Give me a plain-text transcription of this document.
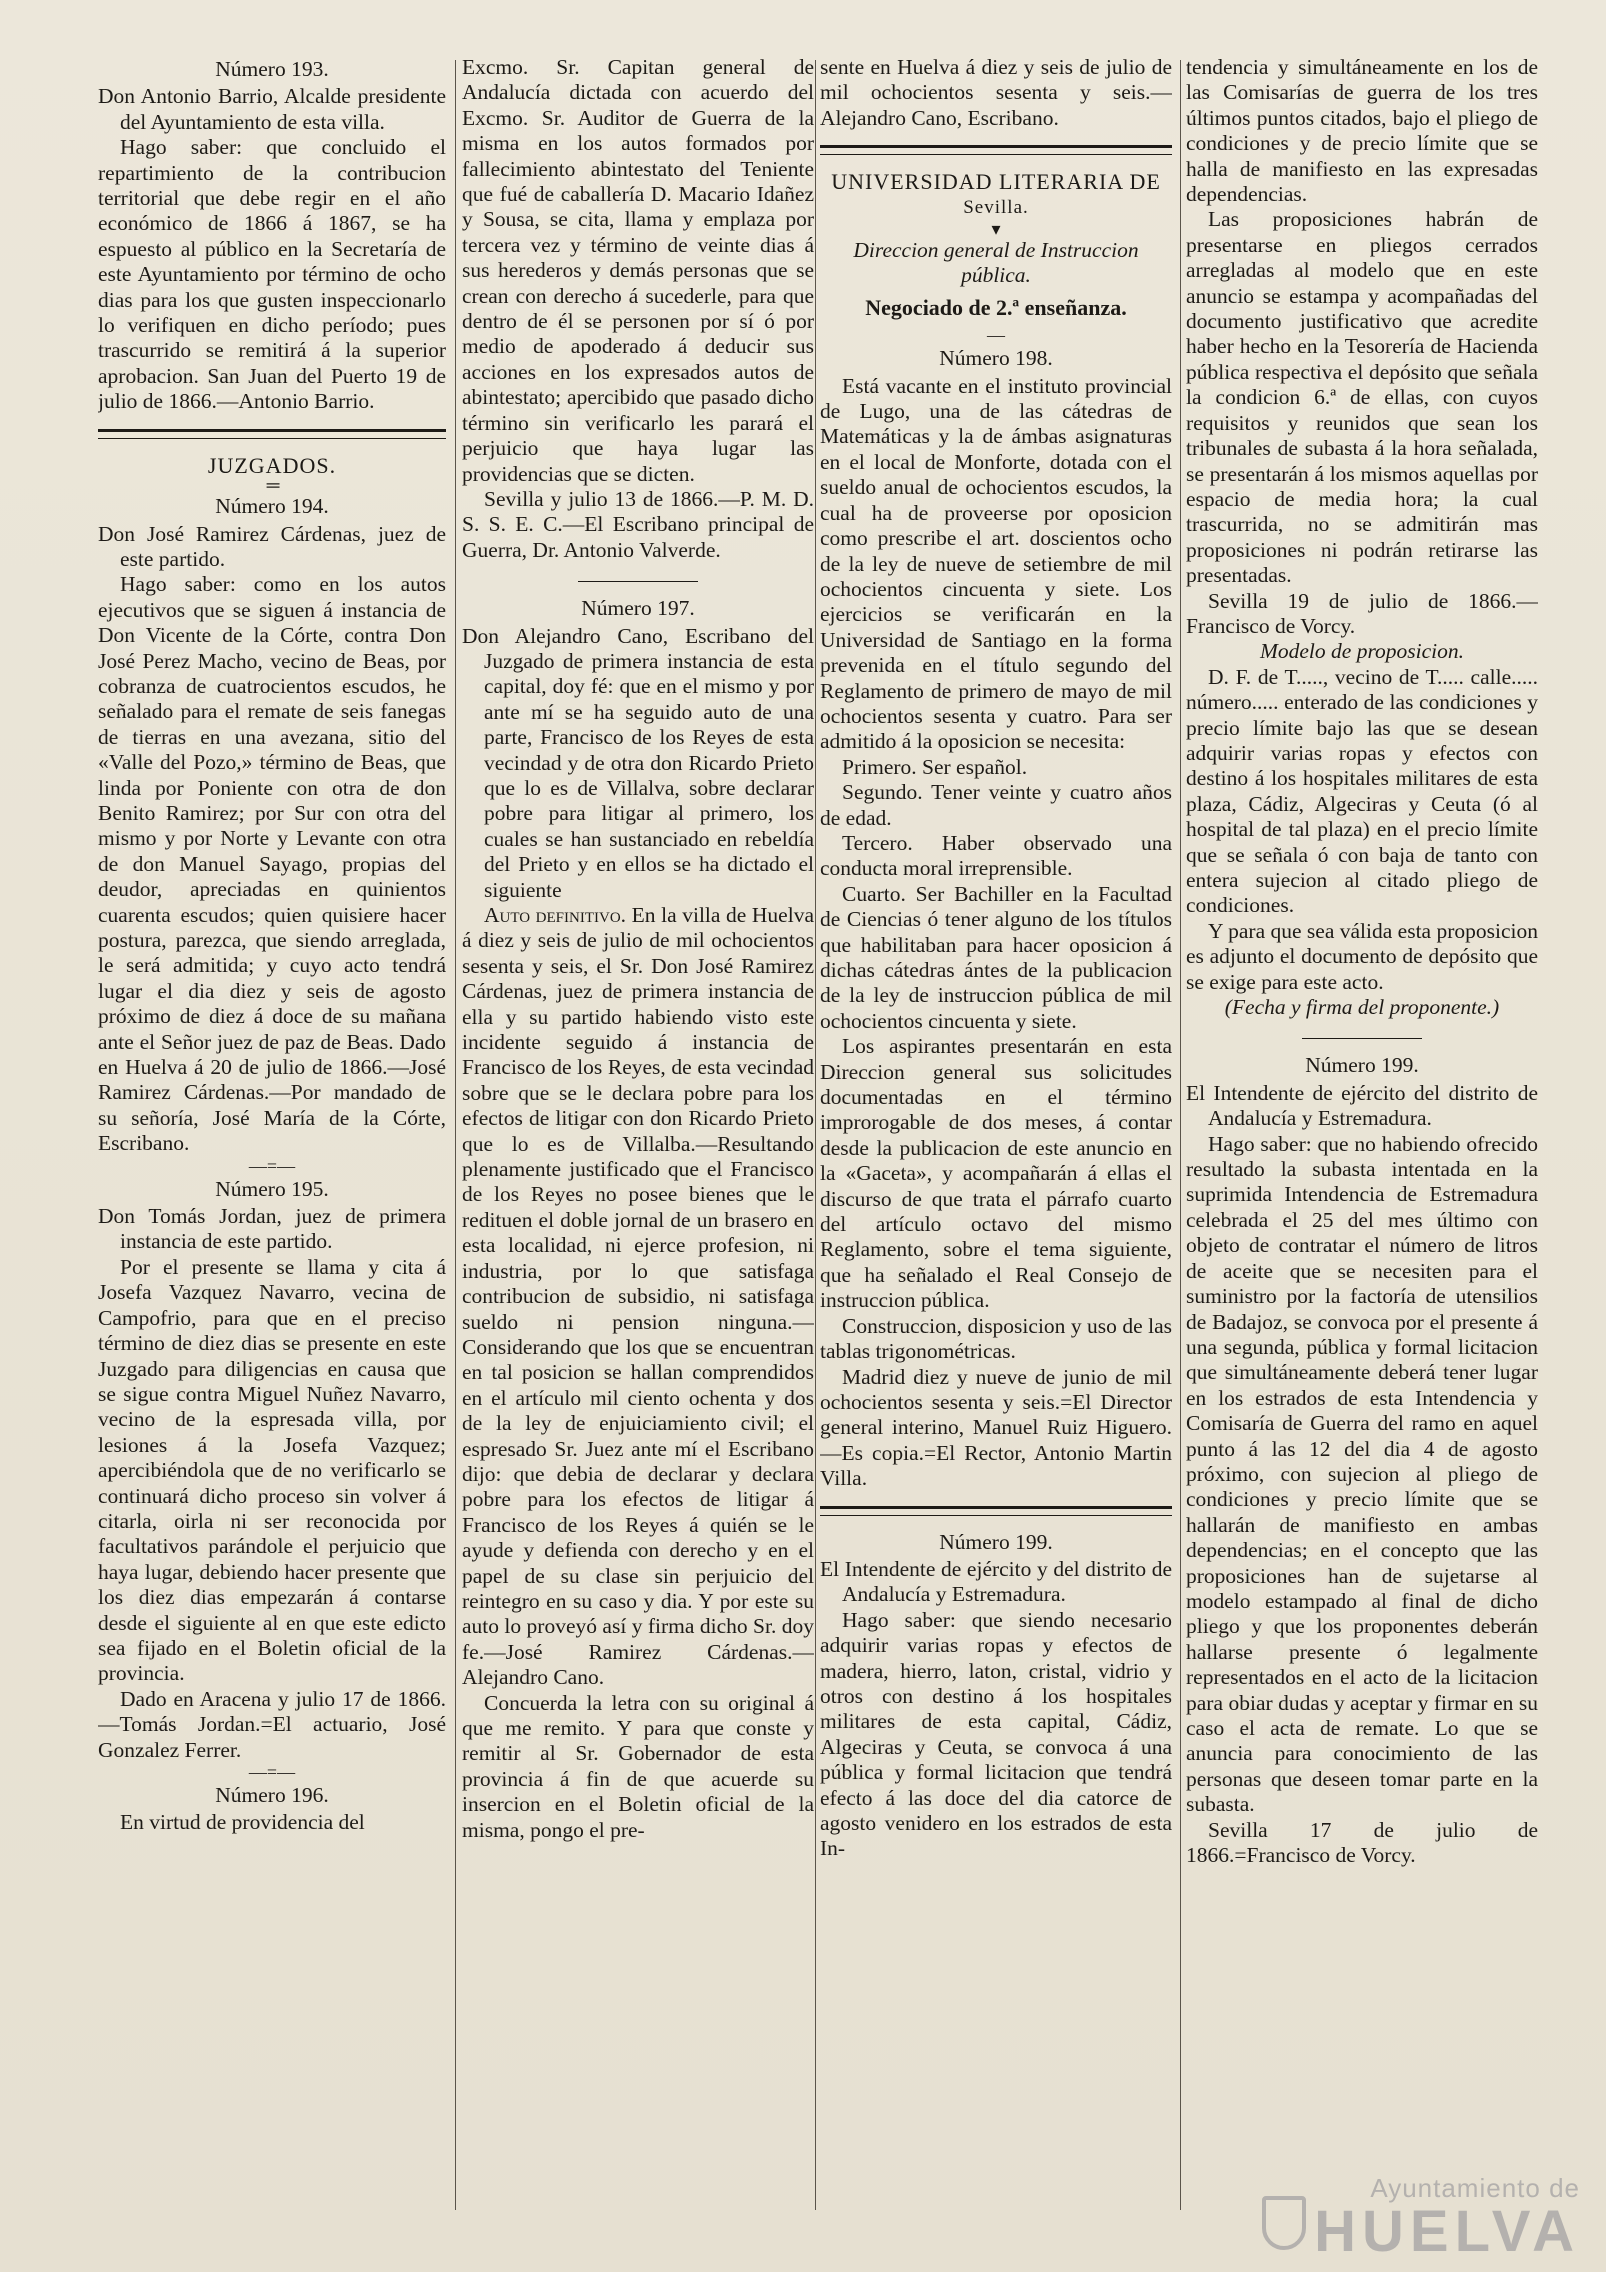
Número 193.

Don Antonio Barrio, Alcalde presidente del Ayuntamiento de esta villa.

Hago saber: que concluido el repartimiento de la contribucion territorial que debe regir en el año económico de 1866 á 1867, se ha espuesto al público en la Secretaría de este Ayuntamiento por término de ocho dias para los que gusten inspeccionarlo lo verifiquen en dicho período; pues trascurrido se remitirá á la superior aprobacion. San Juan del Puerto 19 de julio de 1866.—Antonio Barrio.

JUZGADOS.

═

Número 194.

Don José Ramirez Cárdenas, juez de este partido.

Hago saber: como en los autos ejecutivos que se siguen á instancia de Don Vicente de la Córte, contra Don José Perez Macho, vecino de Beas, por cobranza de cuatrocientos escudos, he señalado para el remate de seis fanegas de tierras en una avezana, sitio del «Valle del Pozo,» término de Beas, que linda por Poniente con otra de don Benito Ramirez; por Sur con otra del mismo y por Norte y Levante con otra de don Manuel Sayago, propias del deudor, apreciadas en quinientos cuarenta escudos; quien quisiere hacer postura, parezca, que siendo arreglada, le será admitida; y cuyo acto tendrá lugar el dia diez y seis de agosto próximo de diez á doce de su mañana ante el Señor juez de paz de Beas. Dado en Huelva á 20 de julio de 1866.—José Ramirez Cárdenas.—Por mandado de su señoría, José María de la Córte, Escribano.

—=—

Número 195.

Don Tomás Jordan, juez de primera instancia de este partido.

Por el presente se llama y cita á Josefa Vazquez Navarro, vecina de Campofrio, para que en el preciso término de diez dias se presente en este Juzgado para diligencias en causa que se sigue contra Miguel Nuñez Navarro, vecino de la espresada villa, por lesiones á la Josefa Vazquez; apercibiéndola que de no verificarlo se continuará dicho proceso sin volver á citarla, oirla ni ser reconocida por facultativos parándole el perjuicio que haya lugar, debiendo hacer presente que los diez dias empezarán á contarse desde el siguiente al en que este edicto sea fijado en el Boletin oficial de la provincia.

Dado en Aracena y julio 17 de 1866.—Tomás Jordan.=El actuario, José Gonzalez Ferrer.

—=—

Número 196.

En virtud de providencia del

Excmo. Sr. Capitan general de Andalucía dictada con acuerdo del Excmo. Sr. Auditor de Guerra de la misma en los autos formados por fallecimiento abintestato del Teniente que fué de caballería D. Macario Idañez y Sousa, se cita, llama y emplaza por tercera vez y término de veinte dias á sus herederos y demás personas que se crean con derecho á sucederle, para que dentro de él se personen por sí ó por medio de apoderado á deducir sus acciones en los expresados autos de abintestato; apercibido que pasado dicho término sin verificarlo les parará el perjuicio que haya lugar las providencias que se dicten.

Sevilla y julio 13 de 1866.—P. M. D. S. S. E. C.—El Escribano principal de Guerra, Dr. Antonio Valverde.

Número 197.

Don Alejandro Cano, Escribano del Juzgado de primera instancia de esta capital, doy fé: que en el mismo y por ante mí se ha seguido auto de una parte, Francisco de los Reyes de esta vecindad y de otra don Ricardo Prieto que lo es de Villalva, sobre declarar pobre para litigar al primero, los cuales se han sustanciado en rebeldía del Prieto y en ellos se ha dictado el siguiente

Auto definitivo. En la villa de Huelva á diez y seis de julio de mil ochocientos sesenta y seis, el Sr. Don José Ramirez Cárdenas, juez de primera instancia de ella y su partido habiendo visto este incidente seguido á instancia de Francisco de los Reyes, de esta vecindad sobre que se le declara pobre para los efectos de litigar con don Ricardo Prieto que lo es de Villalba.—Resultando plenamente justificado que el Francisco de los Reyes no posee bienes que le redituen el doble jornal de un brasero en esta localidad, ni ejerce profesion, ni industria, por lo que satisfaga contribucion de subsidio, ni satisfaga sueldo ni pension ninguna.—Considerando que los que se encuentran en tal posicion se hallan comprendidos en el artículo mil ciento ochenta y dos de la ley de enjuiciamiento civil; el espresado Sr. Juez ante mí el Escribano dijo: que debia de declarar y declara pobre para los efectos de litigar á Francisco de los Reyes á quién se le ayude y defienda con derecho y en el papel de su clase sin perjuicio del reintegro en su caso y dia. Y por este su auto lo proveyó así y firma dicho Sr. doy fe.—José Ramirez Cárdenas.—Alejandro Cano.

Concuerda la letra con su original á que me remito. Y para que conste y remitir al Sr. Gobernador de esta provincia á fin de que acuerde su insercion en el Boletin oficial de la misma, pongo el pre-

sente en Huelva á diez y seis de julio de mil ochocientos sesenta y seis.—Alejandro Cano, Escribano.

UNIVERSIDAD LITERARIA DE

Sevilla.

▾

Direccion general de Instruccion pública.

Negociado de 2.ª enseñanza.

—

Número 198.

Está vacante en el instituto provincial de Lugo, una de las cátedras de Matemáticas y la de ámbas asignaturas en el local de Monforte, dotada con el sueldo anual de ochocientos escudos, la cual ha de proveerse por oposicion como prescribe el art. doscientos ocho de la ley de nueve de setiembre de mil ochocientos cincuenta y siete. Los ejercicios se verificarán en la Universidad de Santiago en la forma prevenida en el título segundo del Reglamento de primero de mayo de mil ochocientos sesenta y cuatro. Para ser admitido á la oposicion se necesita:

Primero. Ser español.

Segundo. Tener veinte y cuatro años de edad.

Tercero. Haber observado una conducta moral irreprensible.

Cuarto. Ser Bachiller en la Facultad de Ciencias ó tener alguno de los títulos que habilitaban para hacer oposicion á dichas cátedras ántes de la publicacion de la ley de instruccion pública de mil ochocientos cincuenta y siete.

Los aspirantes presentarán en esta Direccion general sus solicitudes documentadas en el término improrogable de dos meses, á contar desde la publicacion de este anuncio en la «Gaceta», y acompañarán á ellas el discurso de que trata el párrafo cuarto del artículo octavo del mismo Reglamento, sobre el tema siguiente, que ha señalado el Real Consejo de instruccion pública.

Construccion, disposicion y uso de las tablas trigonométricas.

Madrid diez y nueve de junio de mil ochocientos sesenta y seis.=El Director general interino, Manuel Ruiz Higuero.—Es copia.=El Rector, Antonio Martin Villa.

Número 199.

El Intendente de ejército y del distrito de Andalucía y Estremadura.

Hago saber: que siendo necesario adquirir varias ropas y efectos de madera, hierro, laton, cristal, vidrio y otros con destino á los hospitales militares de esta capital, Cádiz, Algeciras y Ceuta, se convoca á una pública y formal licitacion que tendrá efecto á las doce del dia catorce de agosto venidero en los estrados de esta In-

tendencia y simultáneamente en los de las Comisarías de guerra de los tres últimos puntos citados, bajo el pliego de condiciones y de precio límite que se halla de manifiesto en las expresadas dependencias.

Las proposiciones habrán de presentarse en pliegos cerrados arregladas al modelo que en este anuncio se estampa y acompañadas del documento justificativo que acredite haber hecho en la Tesorería de Hacienda pública respectiva el depósito que señala la condicion 6.ª de ellas, con cuyos requisitos y reunidos que sean los tribunales de subasta á la hora señalada, se presentarán á los mismos aquellas por espacio de media hora; la cual trascurrida, no se admitirán mas proposiciones ni podrán retirarse las presentadas.

Sevilla 19 de julio de 1866.—Francisco de Vorcy.

Modelo de proposicion.

D. F. de T....., vecino de T..... calle..... número..... enterado de las condiciones y precio límite bajo las que se desean adquirir varias ropas y efectos con destino á los hospitales militares de esta plaza, Cádiz, Algeciras y Ceuta (ó al hospital de tal plaza) en el precio límite que se señala ó con baja de tanto con entera sujecion al citado pliego de condiciones.

Y para que sea válida esta proposicion es adjunto el documento de depósito que se exige para este acto.

(Fecha y firma del proponente.)

Número 199.

El Intendente de ejército del distrito de Andalucía y Estremadura.

Hago saber: que no habiendo ofrecido resultado la subasta intentada en la suprimida Intendencia de Estremadura celebrada el 25 del mes último con objeto de contratar el número de litros de aceite que se necesiten para el suministro por la factoría de utensilios de Badajoz, se convoca por el presente á una segunda, pública y formal licitacion que simultáneamente deberá tener lugar en los estrados de esta Intendencia y Comisaría de Guerra del ramo en aquel punto á las 12 del dia 4 de agosto próximo, con sujecion al pliego de condiciones y precio límite que se hallarán de manifiesto en ambas dependencias; en el concepto que las proposiciones han de sujetarse al modelo estampado al final de dicho pliego y que los proponentes deberán hallarse presente ó legalmente representados en el acto de la licitacion para obiar dudas y aceptar y firmar en su caso el acta de remate. Lo que se anuncia para conocimiento de las personas que deseen tomar parte en la subasta.

Sevilla 17 de julio de 1866.=Francisco de Vorcy.

Ayuntamiento de
HUELVA
